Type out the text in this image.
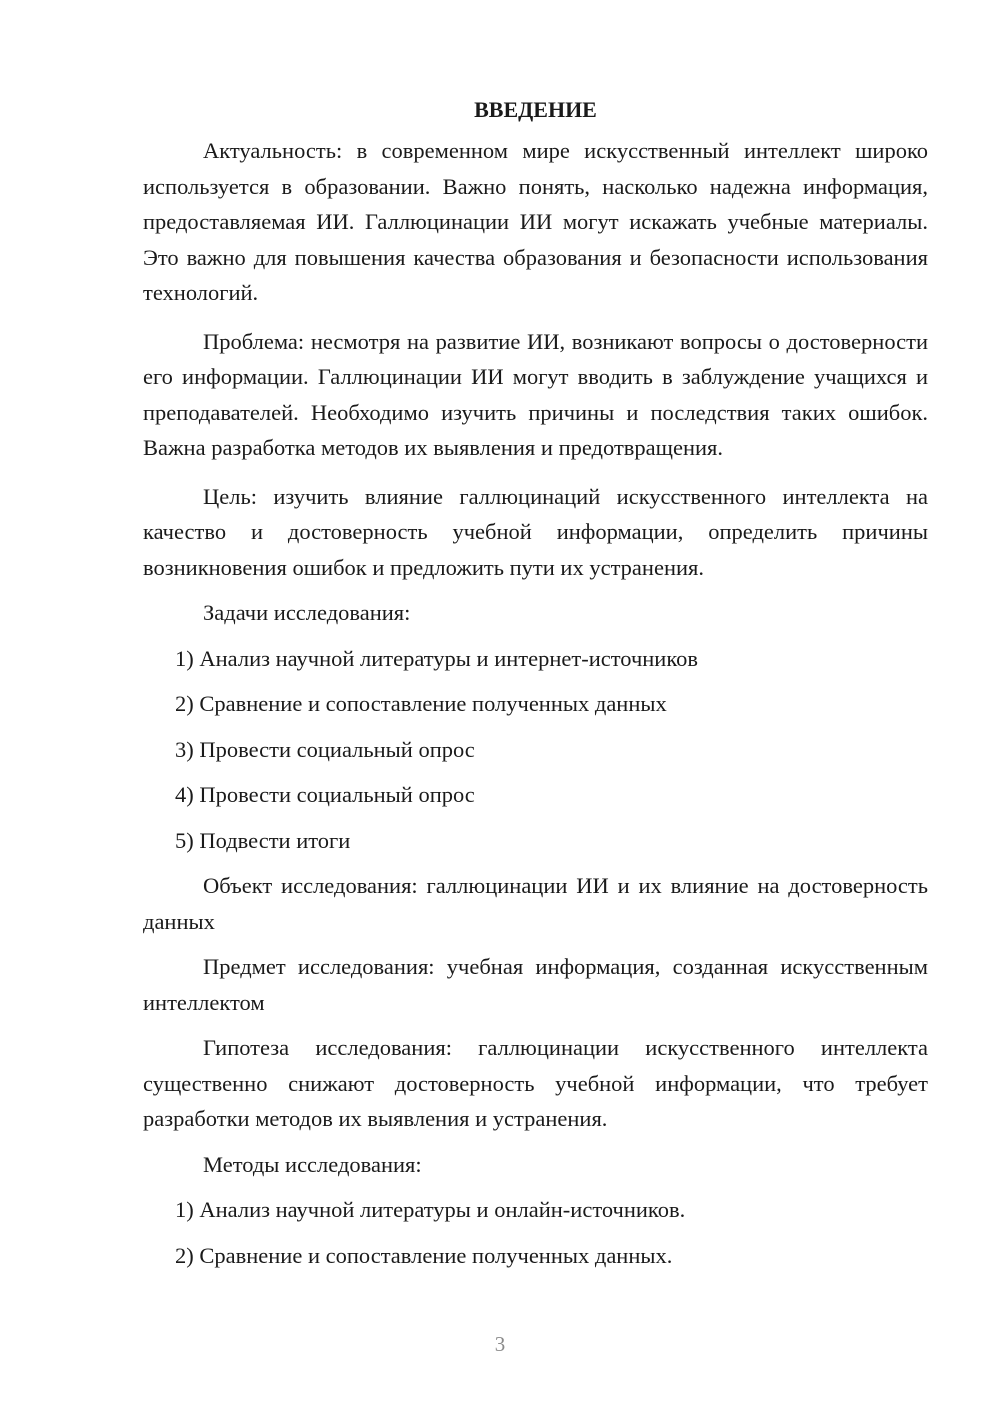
ВВЕДЕНИЕ

Актуальность: в современном мире искусственный интеллект широко используется в образовании. Важно понять, насколько надежна информация, предоставляемая ИИ. Галлюцинации ИИ могут искажать учебные материалы. Это важно для повышения качества образования и безопасности использования технологий.

Проблема: несмотря на развитие ИИ, возникают вопросы о достоверности его информации. Галлюцинации ИИ могут вводить в заблуждение учащихся и преподавателей. Необходимо изучить причины и последствия таких ошибок. Важна разработка методов их выявления и предотвращения.

Цель: изучить влияние галлюцинаций искусственного интеллекта на качество и достоверность учебной информации, определить причины возникновения ошибок и предложить пути их устранения.

Задачи исследования:

1) Анализ научной литературы и интернет-источников

2) Сравнение и сопоставление полученных данных

3) Провести социальный опрос

4) Провести социальный опрос

5) Подвести итоги

Объект исследования: галлюцинации ИИ и их влияние на достоверность данных

Предмет исследования: учебная информация, созданная искусственным интеллектом

Гипотеза исследования: галлюцинации искусственного интеллекта существенно снижают достоверность учебной информации, что требует разработки методов их выявления и устранения.

Методы исследования:

1) Анализ научной литературы и онлайн-источников.

2) Сравнение и сопоставление полученных данных.

3
